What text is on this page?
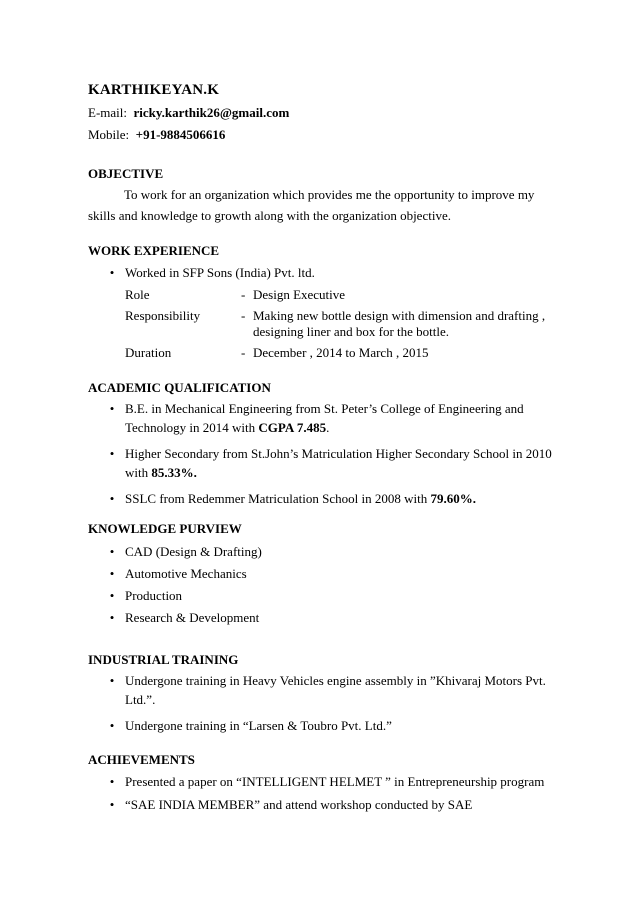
KARTHIKEYAN.K
E-mail: ricky.karthik26@gmail.com
Mobile: +91-9884506616
OBJECTIVE
To work for an organization which provides me the opportunity to improve my
skills and knowledge to growth along with the organization objective.
WORK EXPERIENCE
• Worked in SFP Sons (India) Pvt. ltd.
Role	- Design Executive
Responsibility	- Making new bottle design with dimension and drafting ,
designing liner and box for the bottle.
Duration	- December , 2014 to March , 2015
ACADEMIC QUALIFICATION
• B.E. in Mechanical Engineering from St. Peter’s College of Engineering and
Technology in 2014 with CGPA 7.485.
• Higher Secondary from St.John’s Matriculation Higher Secondary School in 2010
with 85.33%.
• SSLC from Redemmer Matriculation School in 2008 with 79.60%.
KNOWLEDGE PURVIEW
• CAD (Design & Drafting)
• Automotive Mechanics
• Production
• Research & Development
INDUSTRIAL TRAINING
• Undergone training in Heavy Vehicles engine assembly in ”Khivaraj Motors Pvt.
Ltd.”.
• Undergone training in “Larsen & Toubro Pvt. Ltd.”
ACHIEVEMENTS
• Presented a paper on “INTELLIGENT HELMET ” in Entrepreneurship program
• “SAE INDIA MEMBER” and attend workshop conducted by SAE
